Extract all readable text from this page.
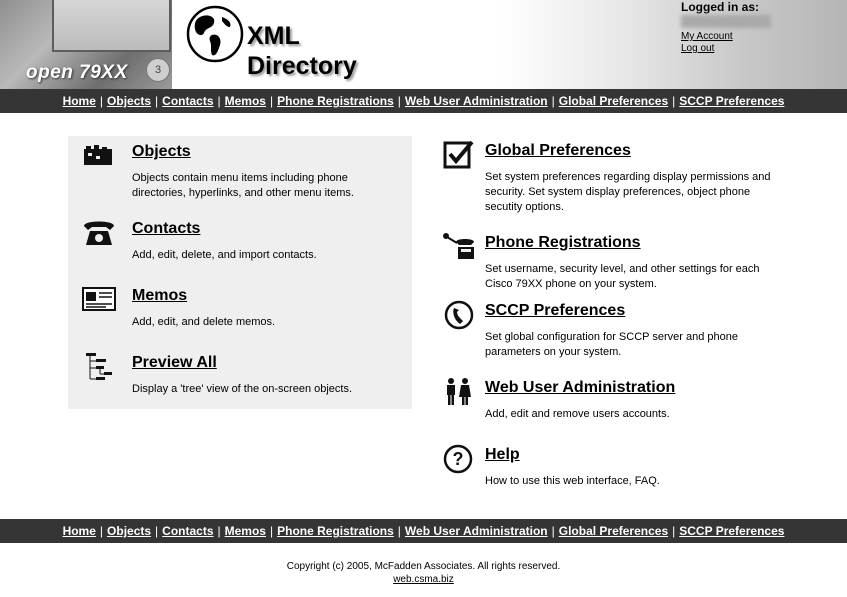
3
open 79XX
XML
Directory
Logged in as:
My Account
Log out
Home | Objects | Contacts | Memos | Phone Registrations | Web User Administration | Global Preferences | SCCP Preferences
Objects
Objects contain menu items including phone directories, hyperlinks, and other menu items.
Contacts
Add, edit, delete, and import contacts.
Memos
Add, edit, and delete memos.
Preview All
Display a 'tree' view of the on-screen objects.
Global Preferences
Set system preferences regarding display permissions and security. Set system display preferences, object phone secutity options.
Phone Registrations
Set username, security level, and other settings for each Cisco 79XX phone on your system.
SCCP Preferences
Set global configuration for SCCP server and phone parameters on your system.
Web User Administration
Add, edit and remove users accounts.
? Help
How to use this web interface, FAQ.
Home | Objects | Contacts | Memos | Phone Registrations | Web User Administration | Global Preferences | SCCP Preferences
Copyright (c) 2005, McFadden Associates. All rights reserved.
web.csma.biz
